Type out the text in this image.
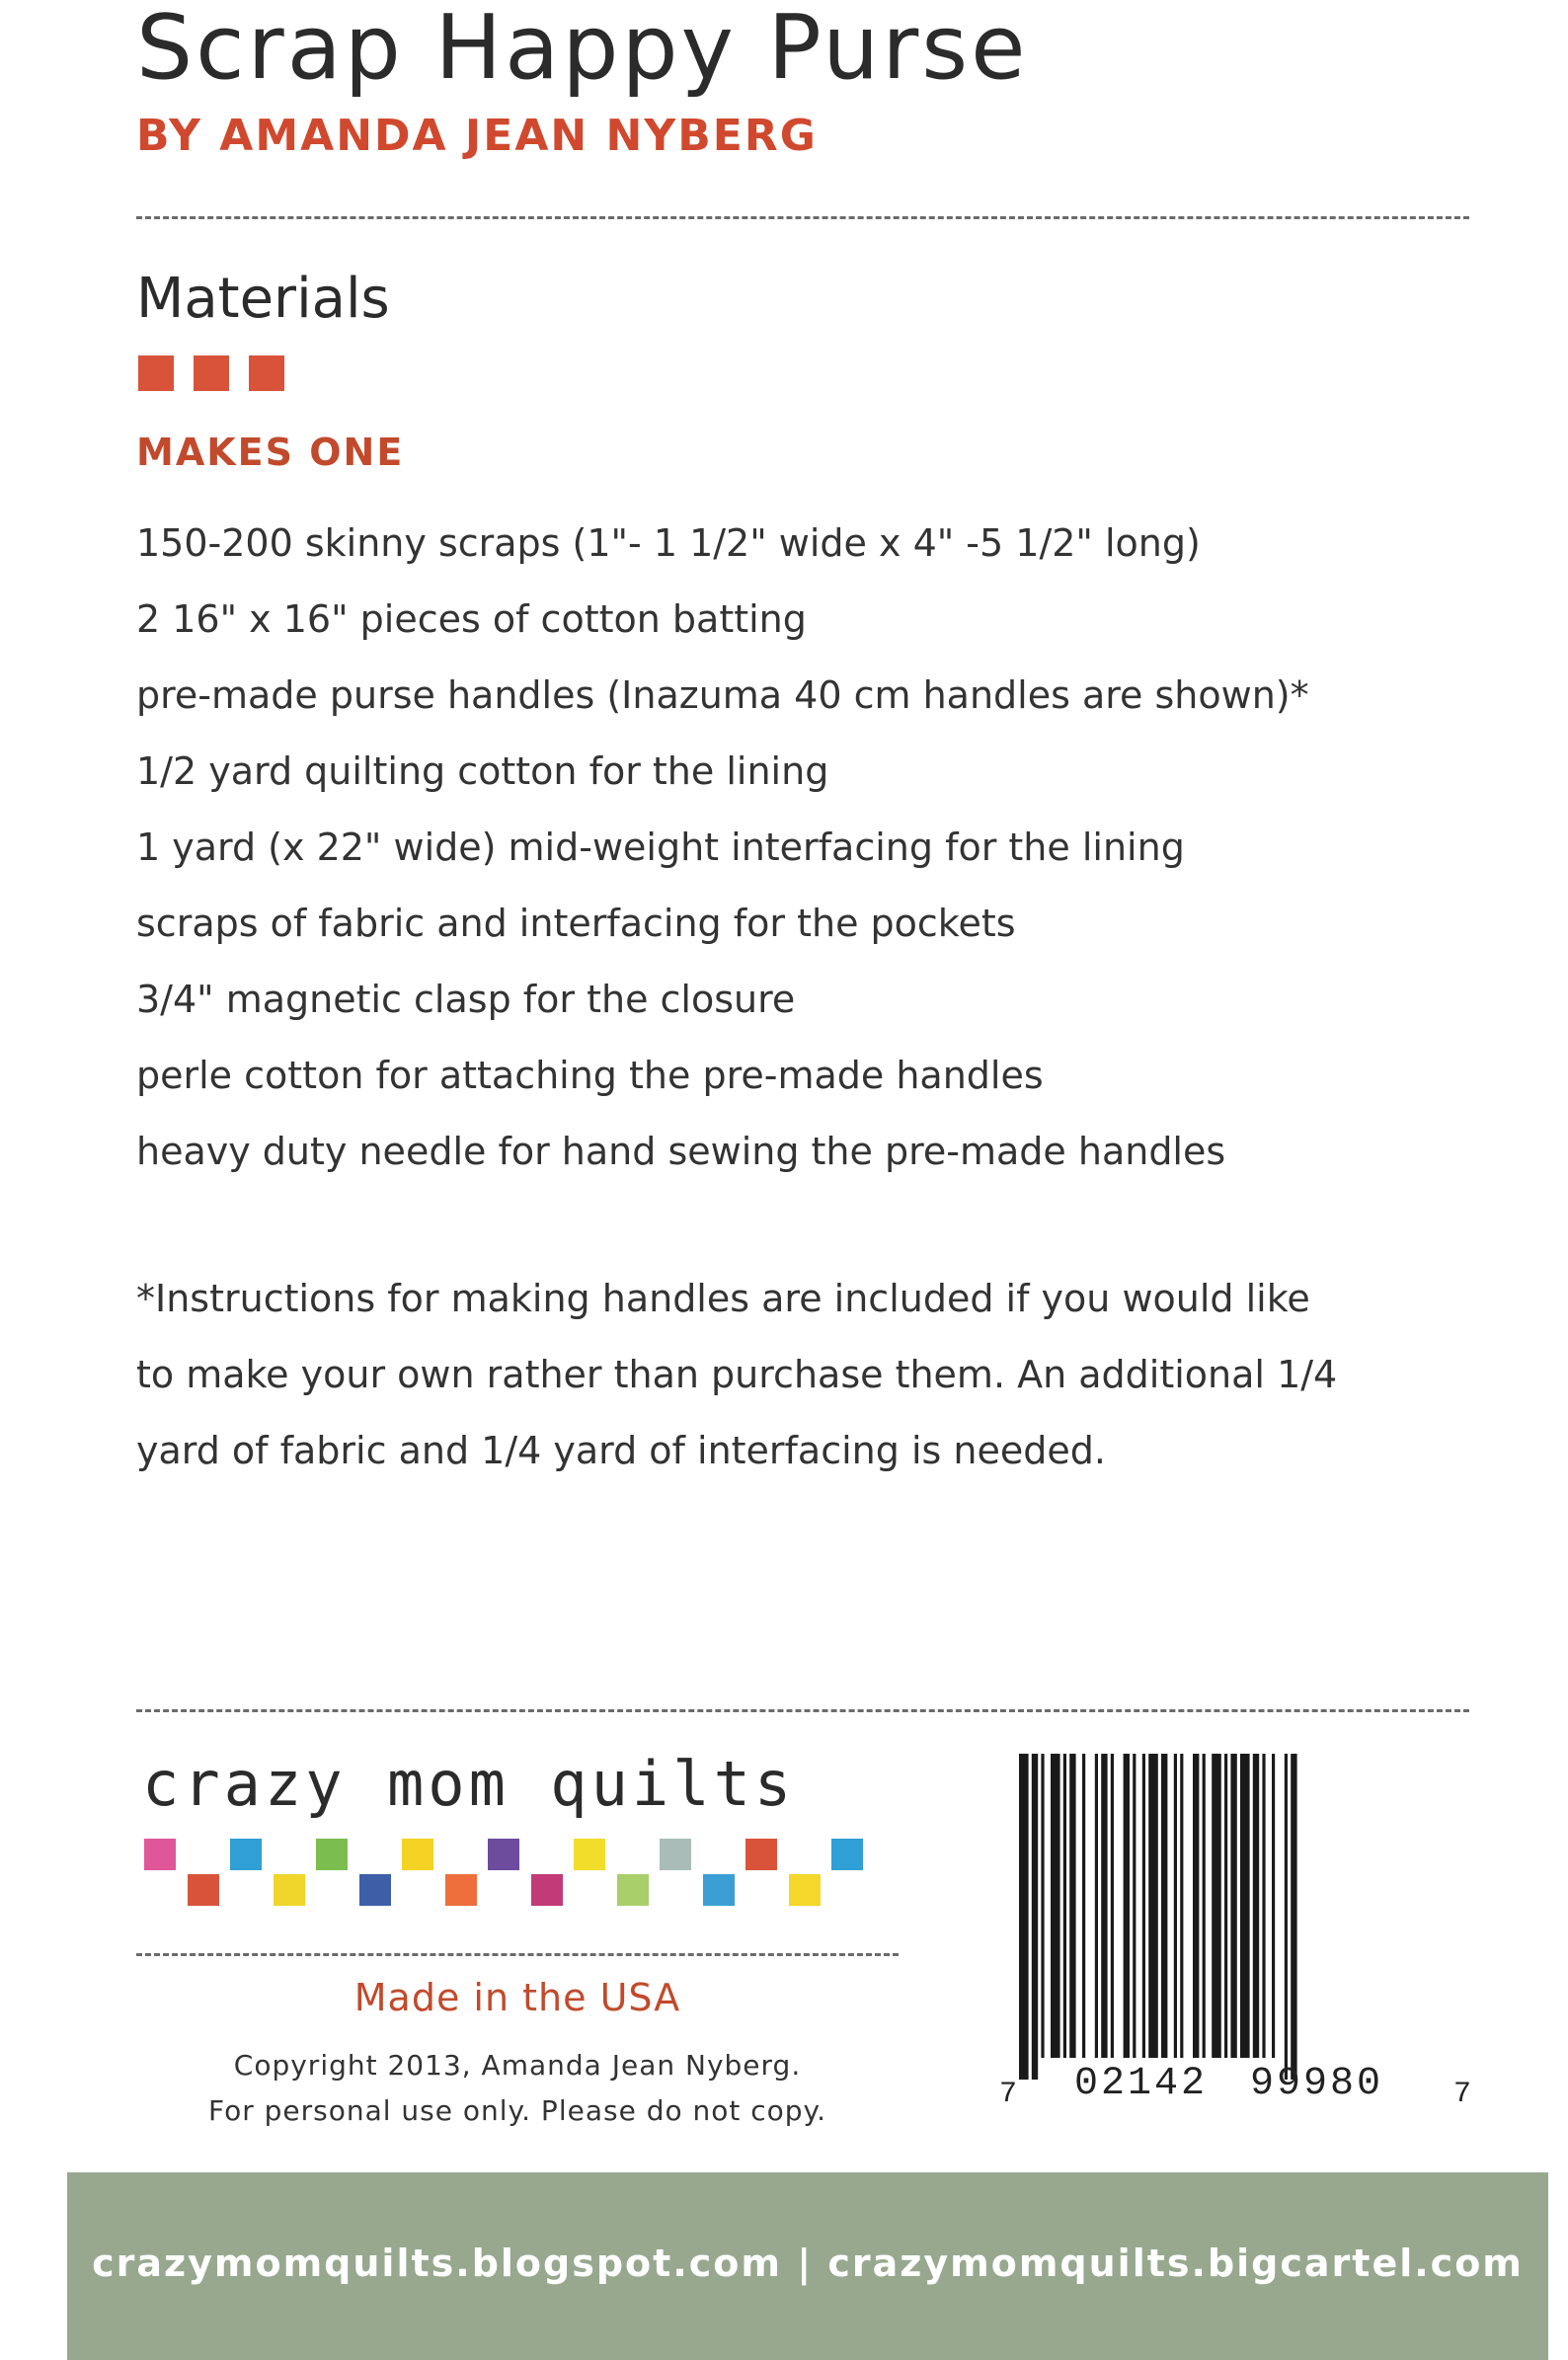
Scrap Happy Purse
BY AMANDA JEAN NYBERG
Materials
MAKES ONE
150-200 skinny scraps (1"- 1 1/2" wide x 4" -5 1/2" long)
2 16" x 16" pieces of cotton batting
pre-made purse handles (Inazuma 40 cm handles are shown)*
1/2 yard quilting cotton for the lining
1 yard (x 22" wide) mid-weight interfacing for the lining
scraps of fabric and interfacing for the pockets
3/4" magnetic clasp for the closure
perle cotton for attaching the pre-made handles
heavy duty needle for hand sewing the pre-made handles
*Instructions for making handles are included if you would like
to make your own rather than purchase them. An additional 1/4
yard of fabric and 1/4 yard of interfacing is needed.
crazy mom quilts
Made in the USA
Copyright 2013, Amanda Jean Nyberg.
For personal use only. Please do not copy.	7 02142 99980 7
crazymomquilts.blogspot.com | crazymomquilts.bigcartel.com
